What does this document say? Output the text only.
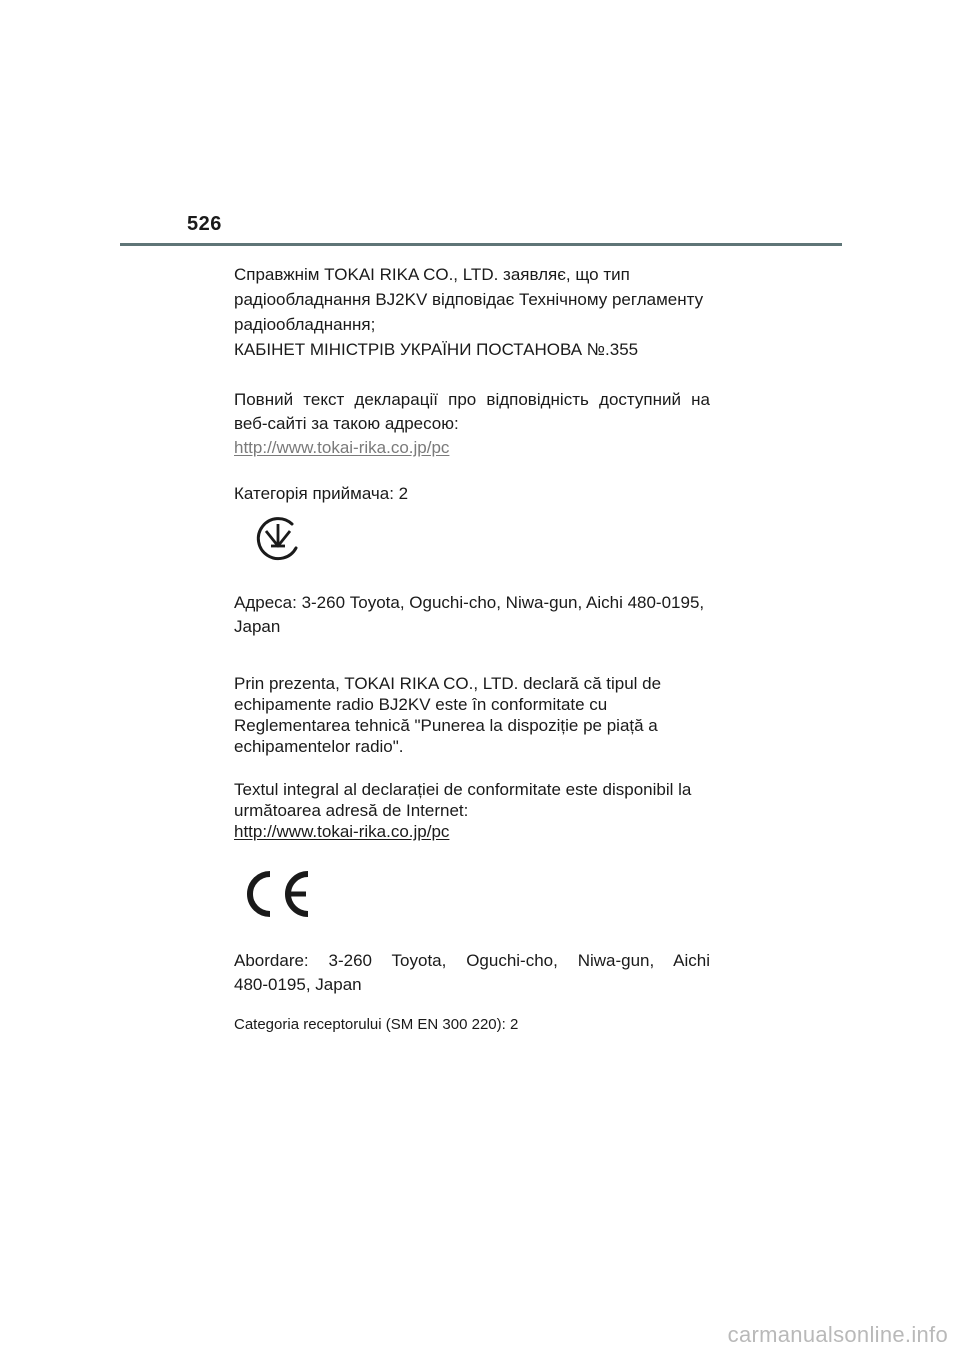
526

Справжнім TOKAI RIKA CO., LTD. заявляє, що тип
радіообладнання BJ2KV відповідає Технічному регламенту
радіообладнання;
КАБІНЕТ МІНІСТРІВ УКРАЇНИ ПОСТАНОВА №.355

Повний текст декларації про відповідність доступний на
веб-сайті за такою адресою:
http://www.tokai-rika.co.jp/pc

Категорія приймача: 2

Адреса: 3-260 Toyota, Oguchi-cho, Niwa-gun, Aichi 480-0195,
Japan

Prin prezenta, TOKAI RIKA CO., LTD. declară că tipul de
echipamente radio BJ2KV este în conformitate cu
Reglementarea tehnică "Punerea la dispoziție pe piață a
echipamentelor radio".

Textul integral al declarației de conformitate este disponibil la
următoarea adresă de Internet:
http://www.tokai-rika.co.jp/pc

Abordare: 3-260 Toyota, Oguchi-cho, Niwa-gun, Aichi
480-0195, Japan

Categoria receptorului (SM EN 300 220): 2

carmanualsonline.info
